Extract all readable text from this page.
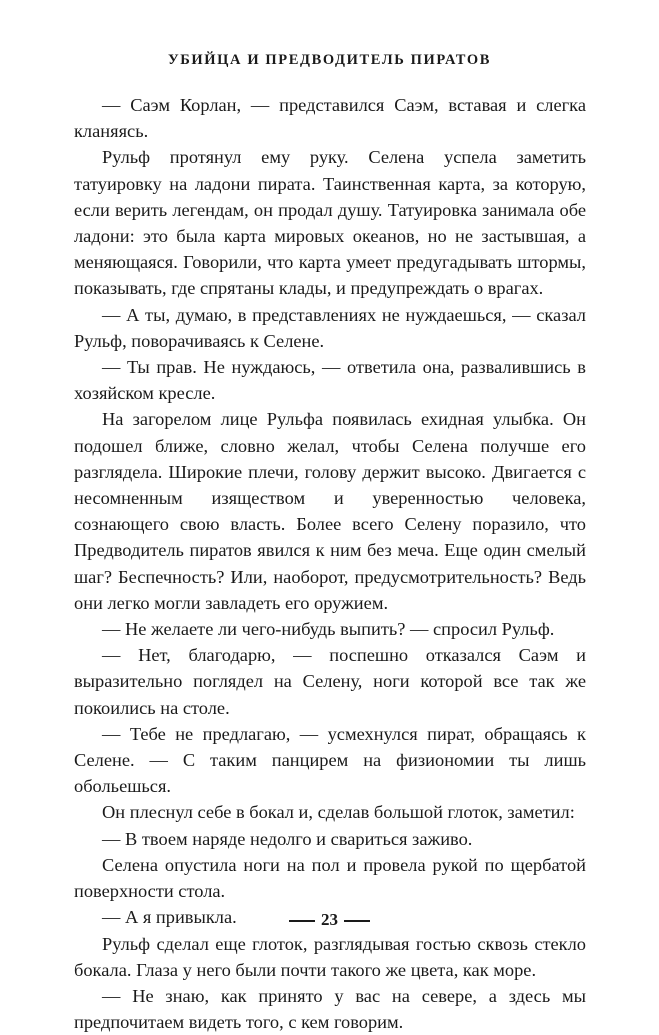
УБИЙЦА И ПРЕДВОДИТЕЛЬ ПИРАТОВ

— Саэм Корлан, — представился Саэм, вставая и слегка кланяясь.

Рульф протянул ему руку. Селена успела заметить татуировку на ладони пирата. Таинственная карта, за которую, если верить легендам, он продал душу. Татуировка занимала обе ладони: это была карта мировых океанов, но не застывшая, а меняющаяся. Говорили, что карта умеет предугадывать штормы, показывать, где спрятаны клады, и предупреждать о врагах.

— А ты, думаю, в представлениях не нуждаешься, — сказал Рульф, поворачиваясь к Селене.

— Ты прав. Не нуждаюсь, — ответила она, развалившись в хозяйском кресле.

На загорелом лице Рульфа появилась ехидная улыбка. Он подошел ближе, словно желал, чтобы Селена получше его разглядела. Широкие плечи, голову держит высоко. Двигается с несомненным изяществом и уверенностью человека, сознающего свою власть. Более всего Селену поразило, что Предводитель пиратов явился к ним без меча. Еще один смелый шаг? Беспечность? Или, наоборот, предусмотрительность? Ведь они легко могли завладеть его оружием.

— Не желаете ли чего-нибудь выпить? — спросил Рульф.

— Нет, благодарю, — поспешно отказался Саэм и выразительно поглядел на Селену, ноги которой все так же покоились на столе.

— Тебе не предлагаю, — усмехнулся пират, обращаясь к Селене. — С таким панцирем на физиономии ты лишь обольешься.

Он плеснул себе в бокал и, сделав большой глоток, заметил:

— В твоем наряде недолго и свариться заживо.

Селена опустила ноги на пол и провела рукой по щербатой поверхности стола.

— А я привыкла.

Рульф сделал еще глоток, разглядывая гостью сквозь стекло бокала. Глаза у него были почти такого же цвета, как море.

— Не знаю, как принято у вас на севере, а здесь мы предпочитаем видеть того, с кем говорим.

23
